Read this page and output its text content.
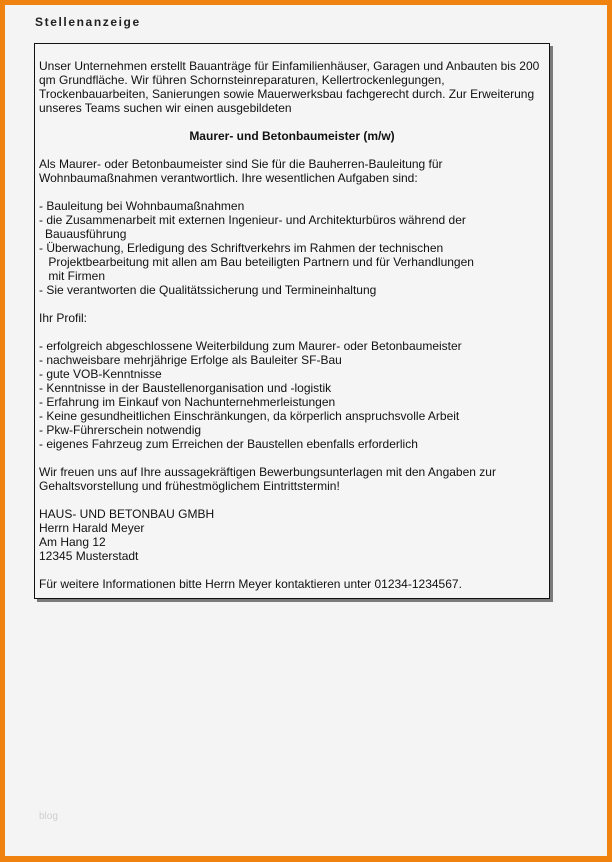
Stellenanzeige

Unser Unternehmen erstellt Bauanträge für Einfamilienhäuser, Garagen und Anbauten bis 200
qm Grundfläche. Wir führen Schornsteinreparaturen, Kellertrockenlegungen,
Trockenbauarbeiten, Sanierungen sowie Mauerwerksbau fachgerecht durch. Zur Erweiterung
unseres Teams suchen wir einen ausgebildeten

Maurer- und Betonbaumeister (m/w)

Als Maurer- oder Betonbaumeister sind Sie für die Bauherren-Bauleitung für
Wohnbaumaßnahmen verantwortlich. Ihre wesentlichen Aufgaben sind:

- Bauleitung bei Wohnbaumaßnahmen
- die Zusammenarbeit mit externen Ingenieur- und Architekturbüros während der
Bauausführung
- Überwachung, Erledigung des Schriftverkehrs im Rahmen der technischen
Projektbearbeitung mit allen am Bau beteiligten Partnern und für Verhandlungen
mit Firmen
- Sie verantworten die Qualitätssicherung und Termineinhaltung

Ihr Profil:

- erfolgreich abgeschlossene Weiterbildung zum Maurer- oder Betonbaumeister
- nachweisbare mehrjährige Erfolge als Bauleiter SF-Bau
- gute VOB-Kenntnisse
- Kenntnisse in der Baustellenorganisation und -logistik
- Erfahrung im Einkauf von Nachunternehmerleistungen
- Keine gesundheitlichen Einschränkungen, da körperlich anspruchsvolle Arbeit
- Pkw-Führerschein notwendig
- eigenes Fahrzeug zum Erreichen der Baustellen ebenfalls erforderlich

Wir freuen uns auf Ihre aussagekräftigen Bewerbungsunterlagen mit den Angaben zur
Gehaltsvorstellung und frühestmöglichem Eintrittstermin!

HAUS- UND BETONBAU GMBH
Herrn Harald Meyer
Am Hang 12
12345 Musterstadt

Für weitere Informationen bitte Herrn Meyer kontaktieren unter 01234-1234567.

blog
